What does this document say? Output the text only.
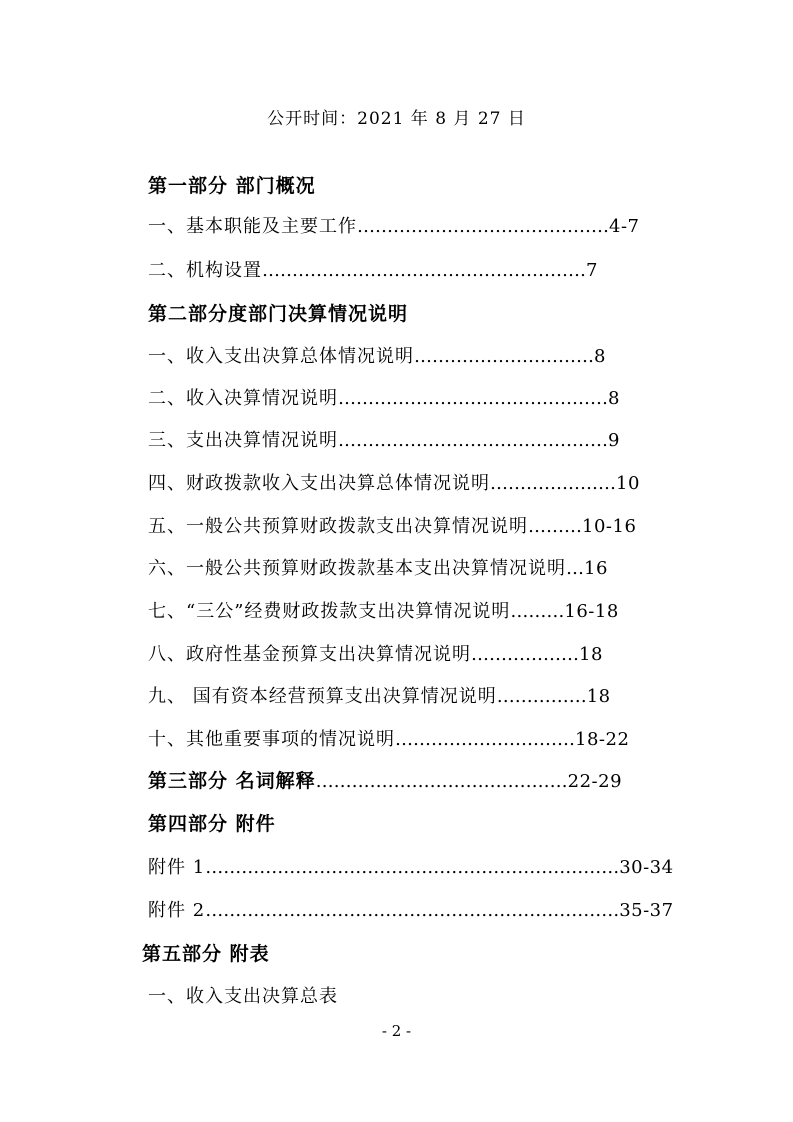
公开时间：2021 年 8 月 27 日
第一部分 部门概况
一、基本职能及主要工作……………………………………4-7
二、机构设置………………………………………………7
第二部分度部门决算情况说明
一、收入支出决算总体情况说明…………………………8
二、收入决算情况说明………………………………………8
三、支出决算情况说明………………………………………9
四、财政拨款收入支出决算总体情况说明…………………10
五、一般公共预算财政拨款支出决算情况说明………10-16
六、一般公共预算财政拨款基本支出决算情况说明…16
七、“三公”经费财政拨款支出决算情况说明………16-18
八、政府性基金预算支出决算情况说明………………18
九、 国有资本经营预算支出决算情况说明……………18
十、其他重要事项的情况说明…………………………18-22
第三部分 名词解释……………………………………22-29
第四部分 附件
附件 1……………………………………………………………30-34
附件 2……………………………………………………………35-37
第五部分 附表
一、收入支出决算总表
- 2 -
